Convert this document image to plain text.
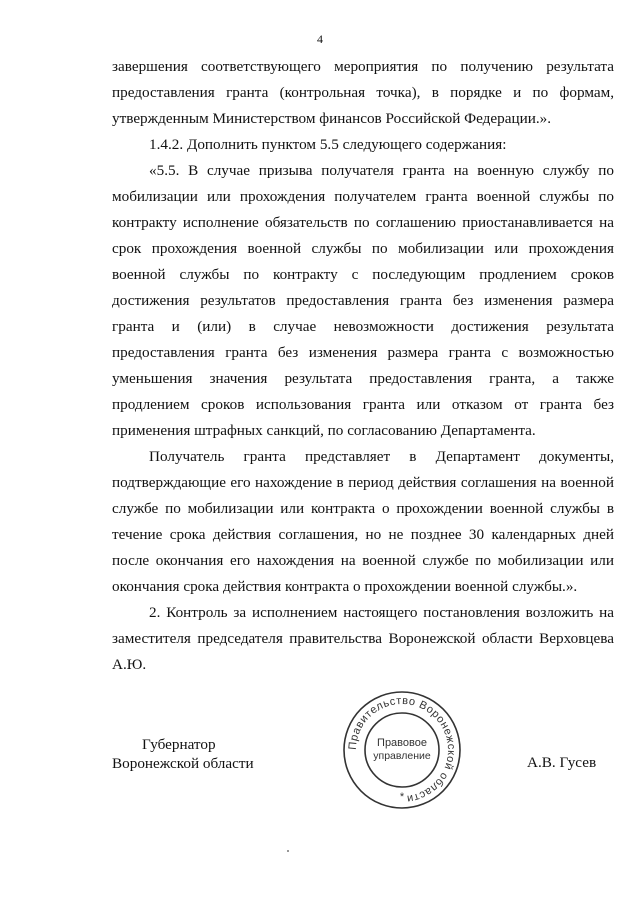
4

завершения соответствующего мероприятия по получению результата предоставления гранта (контрольная точка), в порядке и по формам, утвержденным Министерством финансов Российской Федерации.».

1.4.2. Дополнить пунктом 5.5 следующего содержания:

«5.5. В случае призыва получателя гранта на военную службу по мобилизации или прохождения получателем гранта военной службы по контракту исполнение обязательств по соглашению приостанавливается на срок прохождения военной службы по мобилизации или прохождения военной службы по контракту с последующим продлением сроков достижения результатов предоставления гранта без изменения размера гранта и (или) в случае невозможности достижения результата предоставления гранта без изменения размера гранта с возможностью уменьшения значения результата предоставления гранта, а также продлением сроков использования гранта или отказом от гранта без применения штрафных санкций, по согласованию Департамента.

Получатель гранта представляет в Департамент документы, подтверждающие его нахождение в период действия соглашения на военной службе по мобилизации или контракта о прохождении военной службы в течение срока действия соглашения, но не позднее 30 календарных дней после окончания его нахождения на военной службе по мобилизации или окончания срока действия контракта о прохождении военной службы.».

2. Контроль за исполнением настоящего постановления возложить на заместителя председателя правительства Воронежской области Верховцева А.Ю.

Губернатор
Воронежской области
Правительство Воронежской области
Правовое
управление
*
А.В. Гусев
